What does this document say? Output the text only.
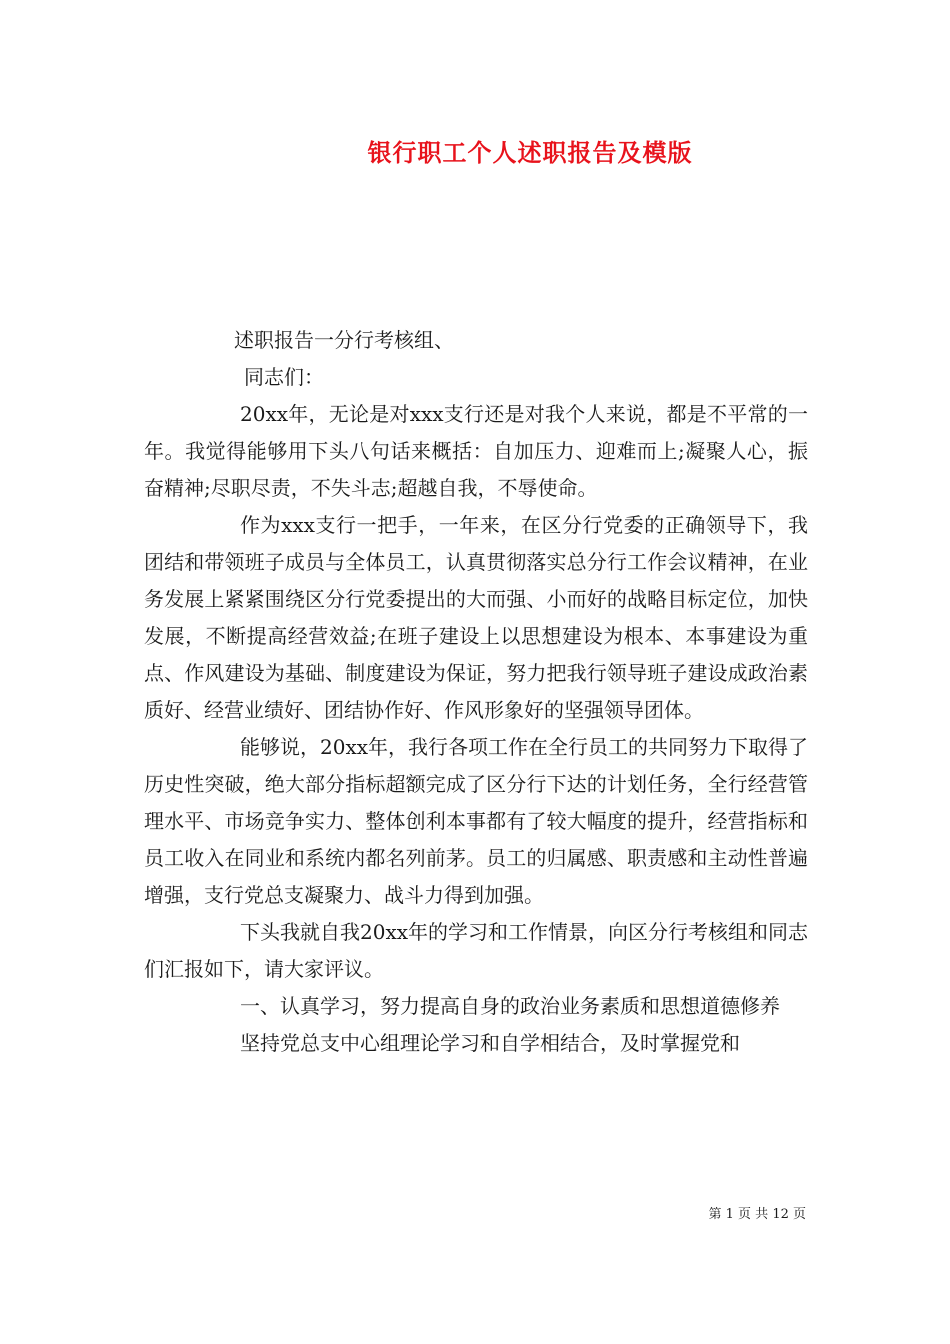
银行职工个人述职报告及模版

述职报告一分行考核组、

同志们：

20xx年，无论是对xxx支行还是对我个人来说，都是不平常的一年。我觉得能够用下头八句话来概括：自加压力、迎难而上;凝聚人心，振奋精神;尽职尽责，不失斗志;超越自我，不辱使命。

作为xxx支行一把手，一年来，在区分行党委的正确领导下，我团结和带领班子成员与全体员工，认真贯彻落实总分行工作会议精神，在业务发展上紧紧围绕区分行党委提出的大而强、小而好的战略目标定位，加快发展，不断提高经营效益;在班子建设上以思想建设为根本、本事建设为重点、作风建设为基础、制度建设为保证，努力把我行领导班子建设成政治素质好、经营业绩好、团结协作好、作风形象好的坚强领导团体。

能够说，20xx年，我行各项工作在全行员工的共同努力下取得了历史性突破，绝大部分指标超额完成了区分行下达的计划任务，全行经营管理水平、市场竞争实力、整体创利本事都有了较大幅度的提升，经营指标和员工收入在同业和系统内都名列前茅。员工的归属感、职责感和主动性普遍增强，支行党总支凝聚力、战斗力得到加强。

下头我就自我20xx年的学习和工作情景，向区分行考核组和同志们汇报如下，请大家评议。

一、认真学习，努力提高自身的政治业务素质和思想道德修养

坚持党总支中心组理论学习和自学相结合，及时掌握党和

第 1 页 共 12 页
